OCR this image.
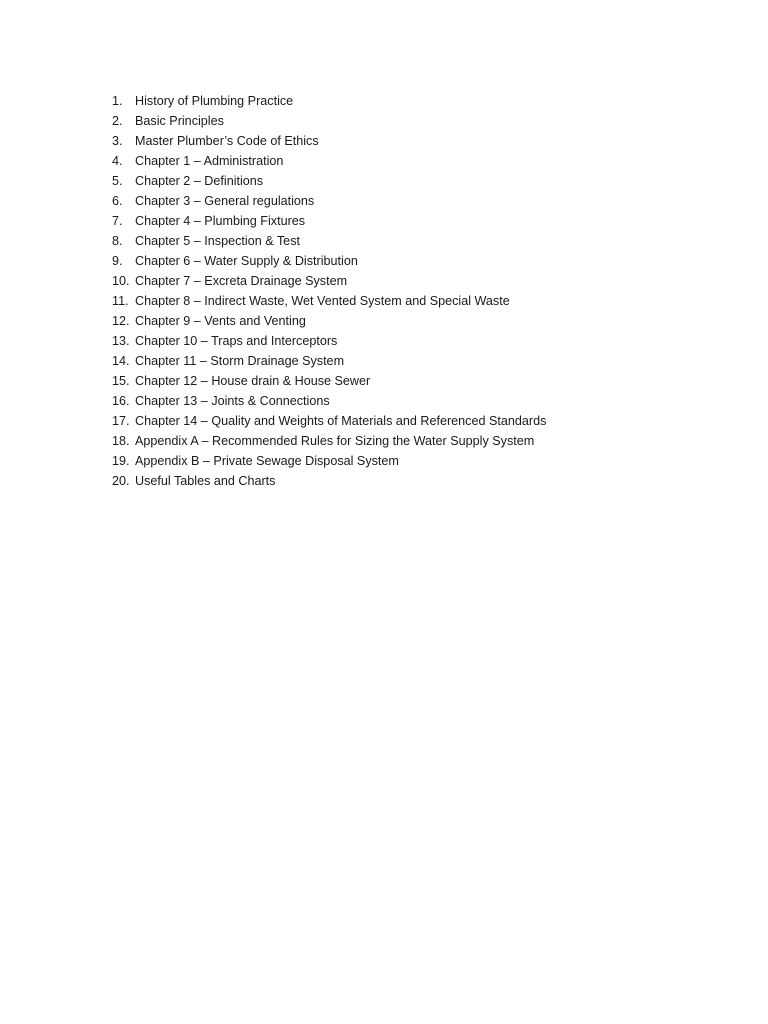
1. History of Plumbing Practice
2. Basic Principles
3. Master Plumber’s Code of Ethics
4. Chapter 1 – Administration
5. Chapter 2 – Definitions
6. Chapter 3 – General regulations
7. Chapter 4 – Plumbing Fixtures
8. Chapter 5 – Inspection & Test
9. Chapter 6 – Water Supply & Distribution
10. Chapter 7 – Excreta Drainage System
11. Chapter 8 – Indirect Waste, Wet Vented System and Special Waste
12. Chapter 9 – Vents and Venting
13. Chapter 10 – Traps and Interceptors
14. Chapter 11 – Storm Drainage System
15. Chapter 12 – House drain & House Sewer
16. Chapter 13 – Joints & Connections
17. Chapter 14 – Quality and Weights of Materials and Referenced Standards
18. Appendix A – Recommended Rules for Sizing the Water Supply System
19. Appendix B – Private Sewage Disposal System
20. Useful Tables and Charts
